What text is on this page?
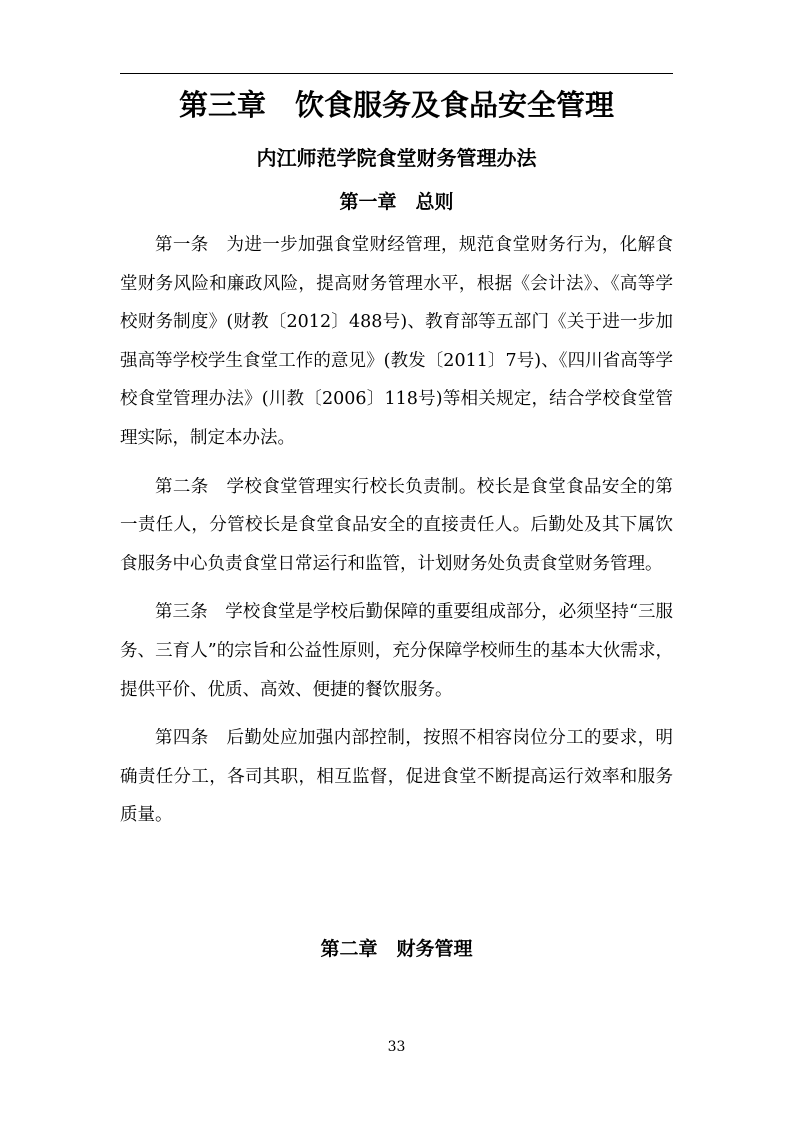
第三章　饮食服务及食品安全管理
内江师范学院食堂财务管理办法
第一章　总则

第一条　为进一步加强食堂财经管理，规范食堂财务行为，化解食堂财务风险和廉政风险，提高财务管理水平，根据《会计法》、《高等学校财务制度》(财教〔2012〕488号)、教育部等五部门《关于进一步加强高等学校学生食堂工作的意见》(教发〔2011〕7号)、《四川省高等学校食堂管理办法》(川教〔2006〕118号)等相关规定，结合学校食堂管理实际，制定本办法。

第二条　学校食堂管理实行校长负责制。校长是食堂食品安全的第一责任人，分管校长是食堂食品安全的直接责任人。后勤处及其下属饮食服务中心负责食堂日常运行和监管，计划财务处负责食堂财务管理。

第三条　学校食堂是学校后勤保障的重要组成部分，必须坚持“三服务、三育人”的宗旨和公益性原则，充分保障学校师生的基本大伙需求，提供平价、优质、高效、便捷的餐饮服务。

第四条　后勤处应加强内部控制，按照不相容岗位分工的要求，明确责任分工，各司其职，相互监督，促进食堂不断提高运行效率和服务质量。

第二章　财务管理
33
